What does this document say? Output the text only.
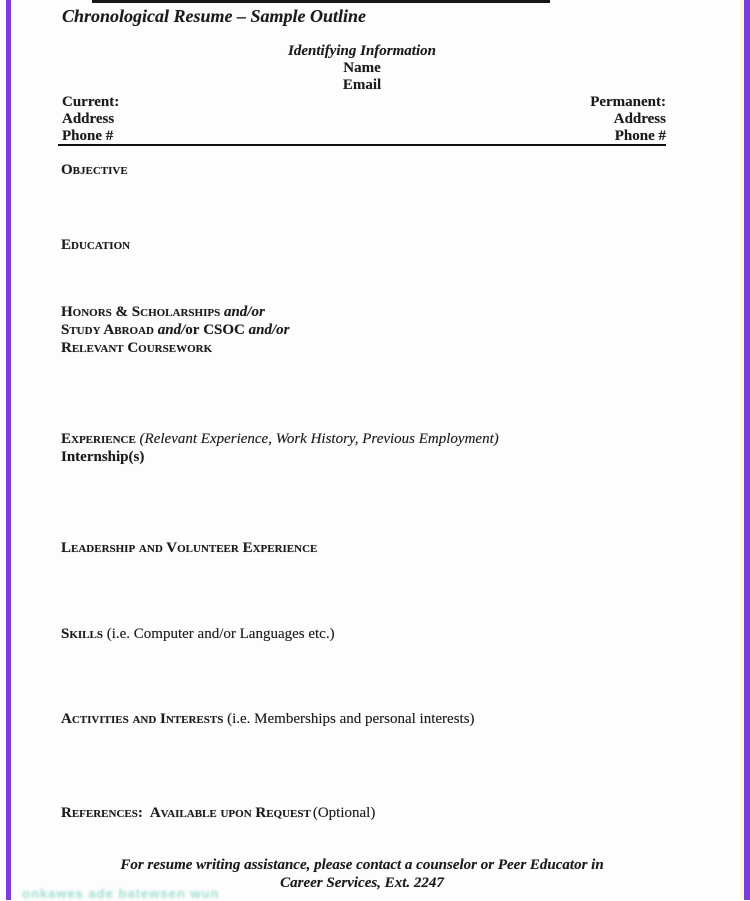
Chronological Resume – Sample Outline
Identifying Information
Name
Email
Current:
Address
Phone #
Permanent:
Address
Phone #
Objective
Education
Honors & Scholarships and/or
Study Abroad and/or CSOC and/or
Relevant Coursework
Experience (Relevant Experience, Work History, Previous Employment)
Internship(s)
Leadership and Volunteer Experience
Skills (i.e. Computer and/or Languages etc.)
Activities and Interests (i.e. Memberships and personal interests)
References: Available upon Request (Optional)
For resume writing assistance, please contact a counselor or Peer Educator in
Career Services, Ext. 2247
onkawes ade batewsen wun
